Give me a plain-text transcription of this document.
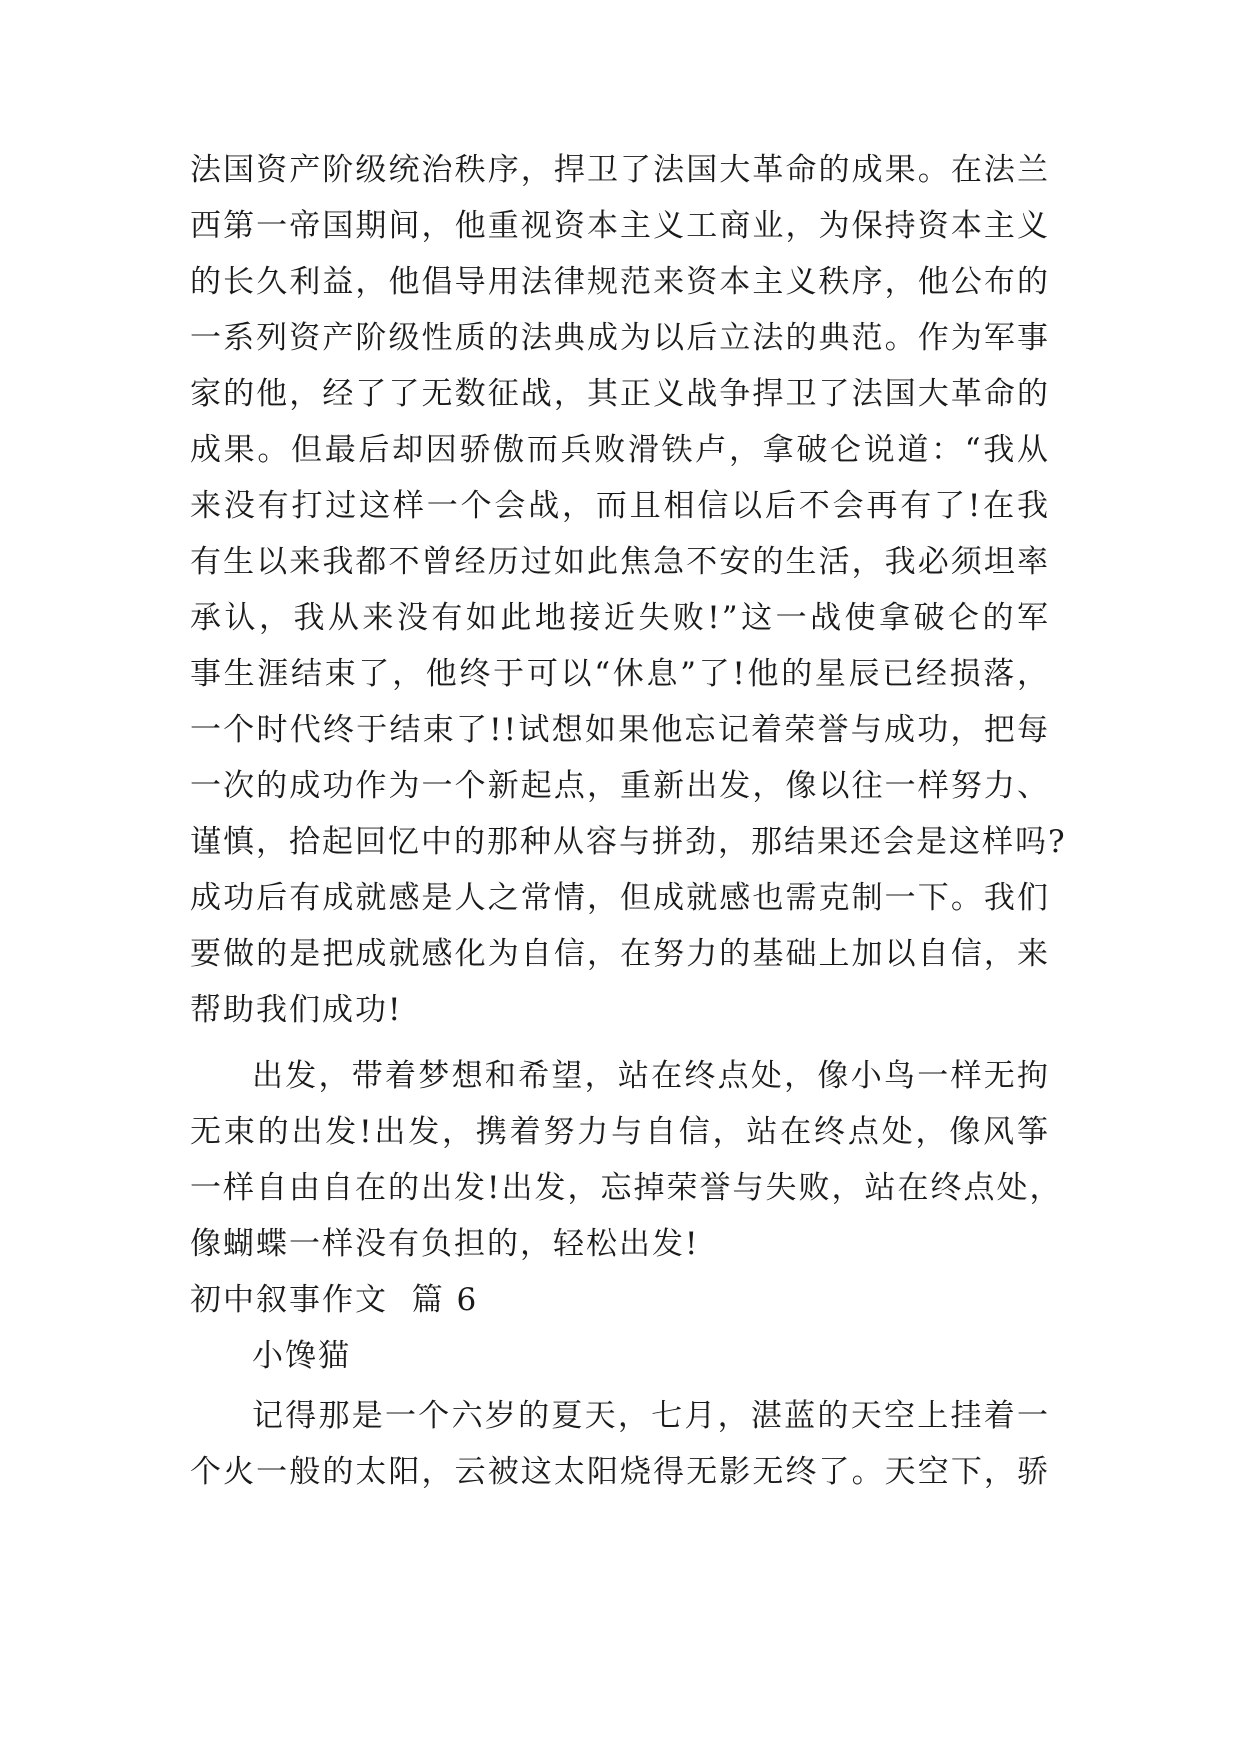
法国资产阶级统治秩序，捍卫了法国大革命的成果。在法兰
西第一帝国期间，他重视资本主义工商业，为保持资本主义
的长久利益，他倡导用法律规范来资本主义秩序，他公布的
一系列资产阶级性质的法典成为以后立法的典范。作为军事
家的他，经了了无数征战，其正义战争捍卫了法国大革命的
成果。但最后却因骄傲而兵败滑铁卢，拿破仑说道：“我从
来没有打过这样一个会战，而且相信以后不会再有了!在我
有生以来我都不曾经历过如此焦急不安的生活，我必须坦率
承认，我从来没有如此地接近失败!”这一战使拿破仑的军
事生涯结束了，他终于可以“休息”了!他的星辰已经损落，
一个时代终于结束了!!试想如果他忘记着荣誉与成功，把每
一次的成功作为一个新起点，重新出发，像以往一样努力、
谨慎，拾起回忆中的那种从容与拼劲，那结果还会是这样吗?
成功后有成就感是人之常情，但成就感也需克制一下。我们
要做的是把成就感化为自信，在努力的基础上加以自信，来
帮助我们成功!
出发，带着梦想和希望，站在终点处，像小鸟一样无拘
无束的出发!出发，携着努力与自信，站在终点处，像风筝
一样自由自在的出发!出发，忘掉荣誉与失败，站在终点处，
像蝴蝶一样没有负担的，轻松出发!
初中叙事作文  篇 6
小馋猫
记得那是一个六岁的夏天，七月，湛蓝的天空上挂着一
个火一般的太阳，云被这太阳烧得无影无终了。天空下，骄
